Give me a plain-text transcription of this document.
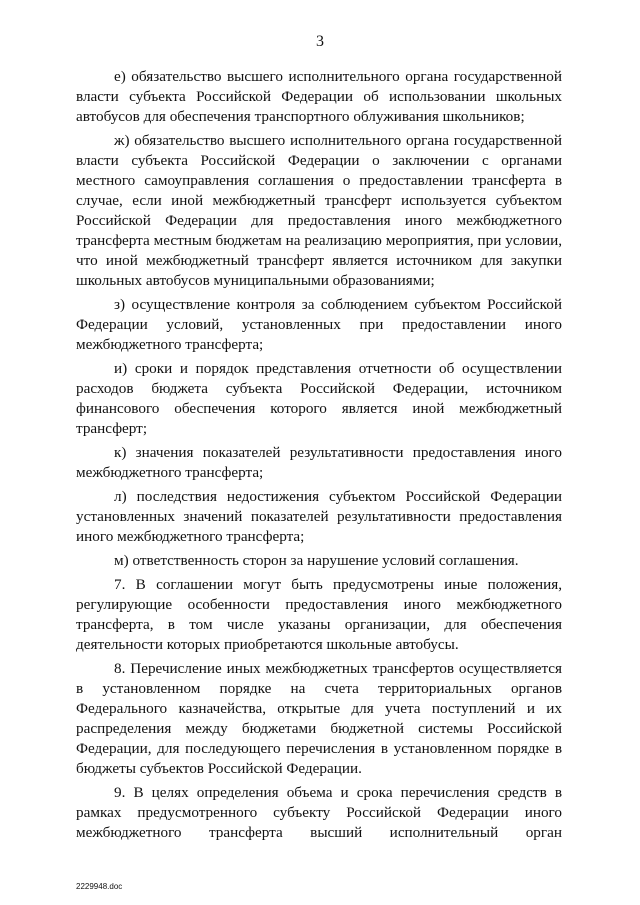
3

е) обязательство высшего исполнительного органа государственной власти субъекта Российской Федерации об использовании школьных автобусов для обеспечения транспортного облуживания школьников;

ж) обязательство высшего исполнительного органа государственной власти субъекта Российской Федерации о заключении с органами местного самоуправления соглашения о предоставлении трансферта в случае, если иной межбюджетный трансферт используется субъектом Российской Федерации для предоставления иного межбюджетного трансферта местным бюджетам на реализацию мероприятия, при условии, что иной межбюджетный трансферт является источником для закупки школьных автобусов муниципальными образованиями;

з) осуществление контроля за соблюдением субъектом Российской Федерации условий, установленных при предоставлении иного межбюджетного трансферта;

и) сроки и порядок представления отчетности об осуществлении расходов бюджета субъекта Российской Федерации, источником финансового обеспечения которого является иной межбюджетный трансферт;

к) значения показателей результативности предоставления иного межбюджетного трансферта;

л) последствия недостижения субъектом Российской Федерации установленных значений показателей результативности предоставления иного межбюджетного трансферта;

м) ответственность сторон за нарушение условий соглашения.

7. В соглашении могут быть предусмотрены иные положения, регулирующие особенности предоставления иного межбюджетного трансферта, в том числе указаны организации, для обеспечения деятельности которых приобретаются школьные автобусы.

8. Перечисление иных межбюджетных трансфертов осуществляется в установленном порядке на счета территориальных органов Федерального казначейства, открытые для учета поступлений и их распределения между бюджетами бюджетной системы Российской Федерации, для последующего перечисления в установленном порядке в бюджеты субъектов Российской Федерации.

9. В целях определения объема и срока перечисления средств в рамках предусмотренного субъекту Российской Федерации иного межбюджетного трансферта высший исполнительный орган

2229948.doc
